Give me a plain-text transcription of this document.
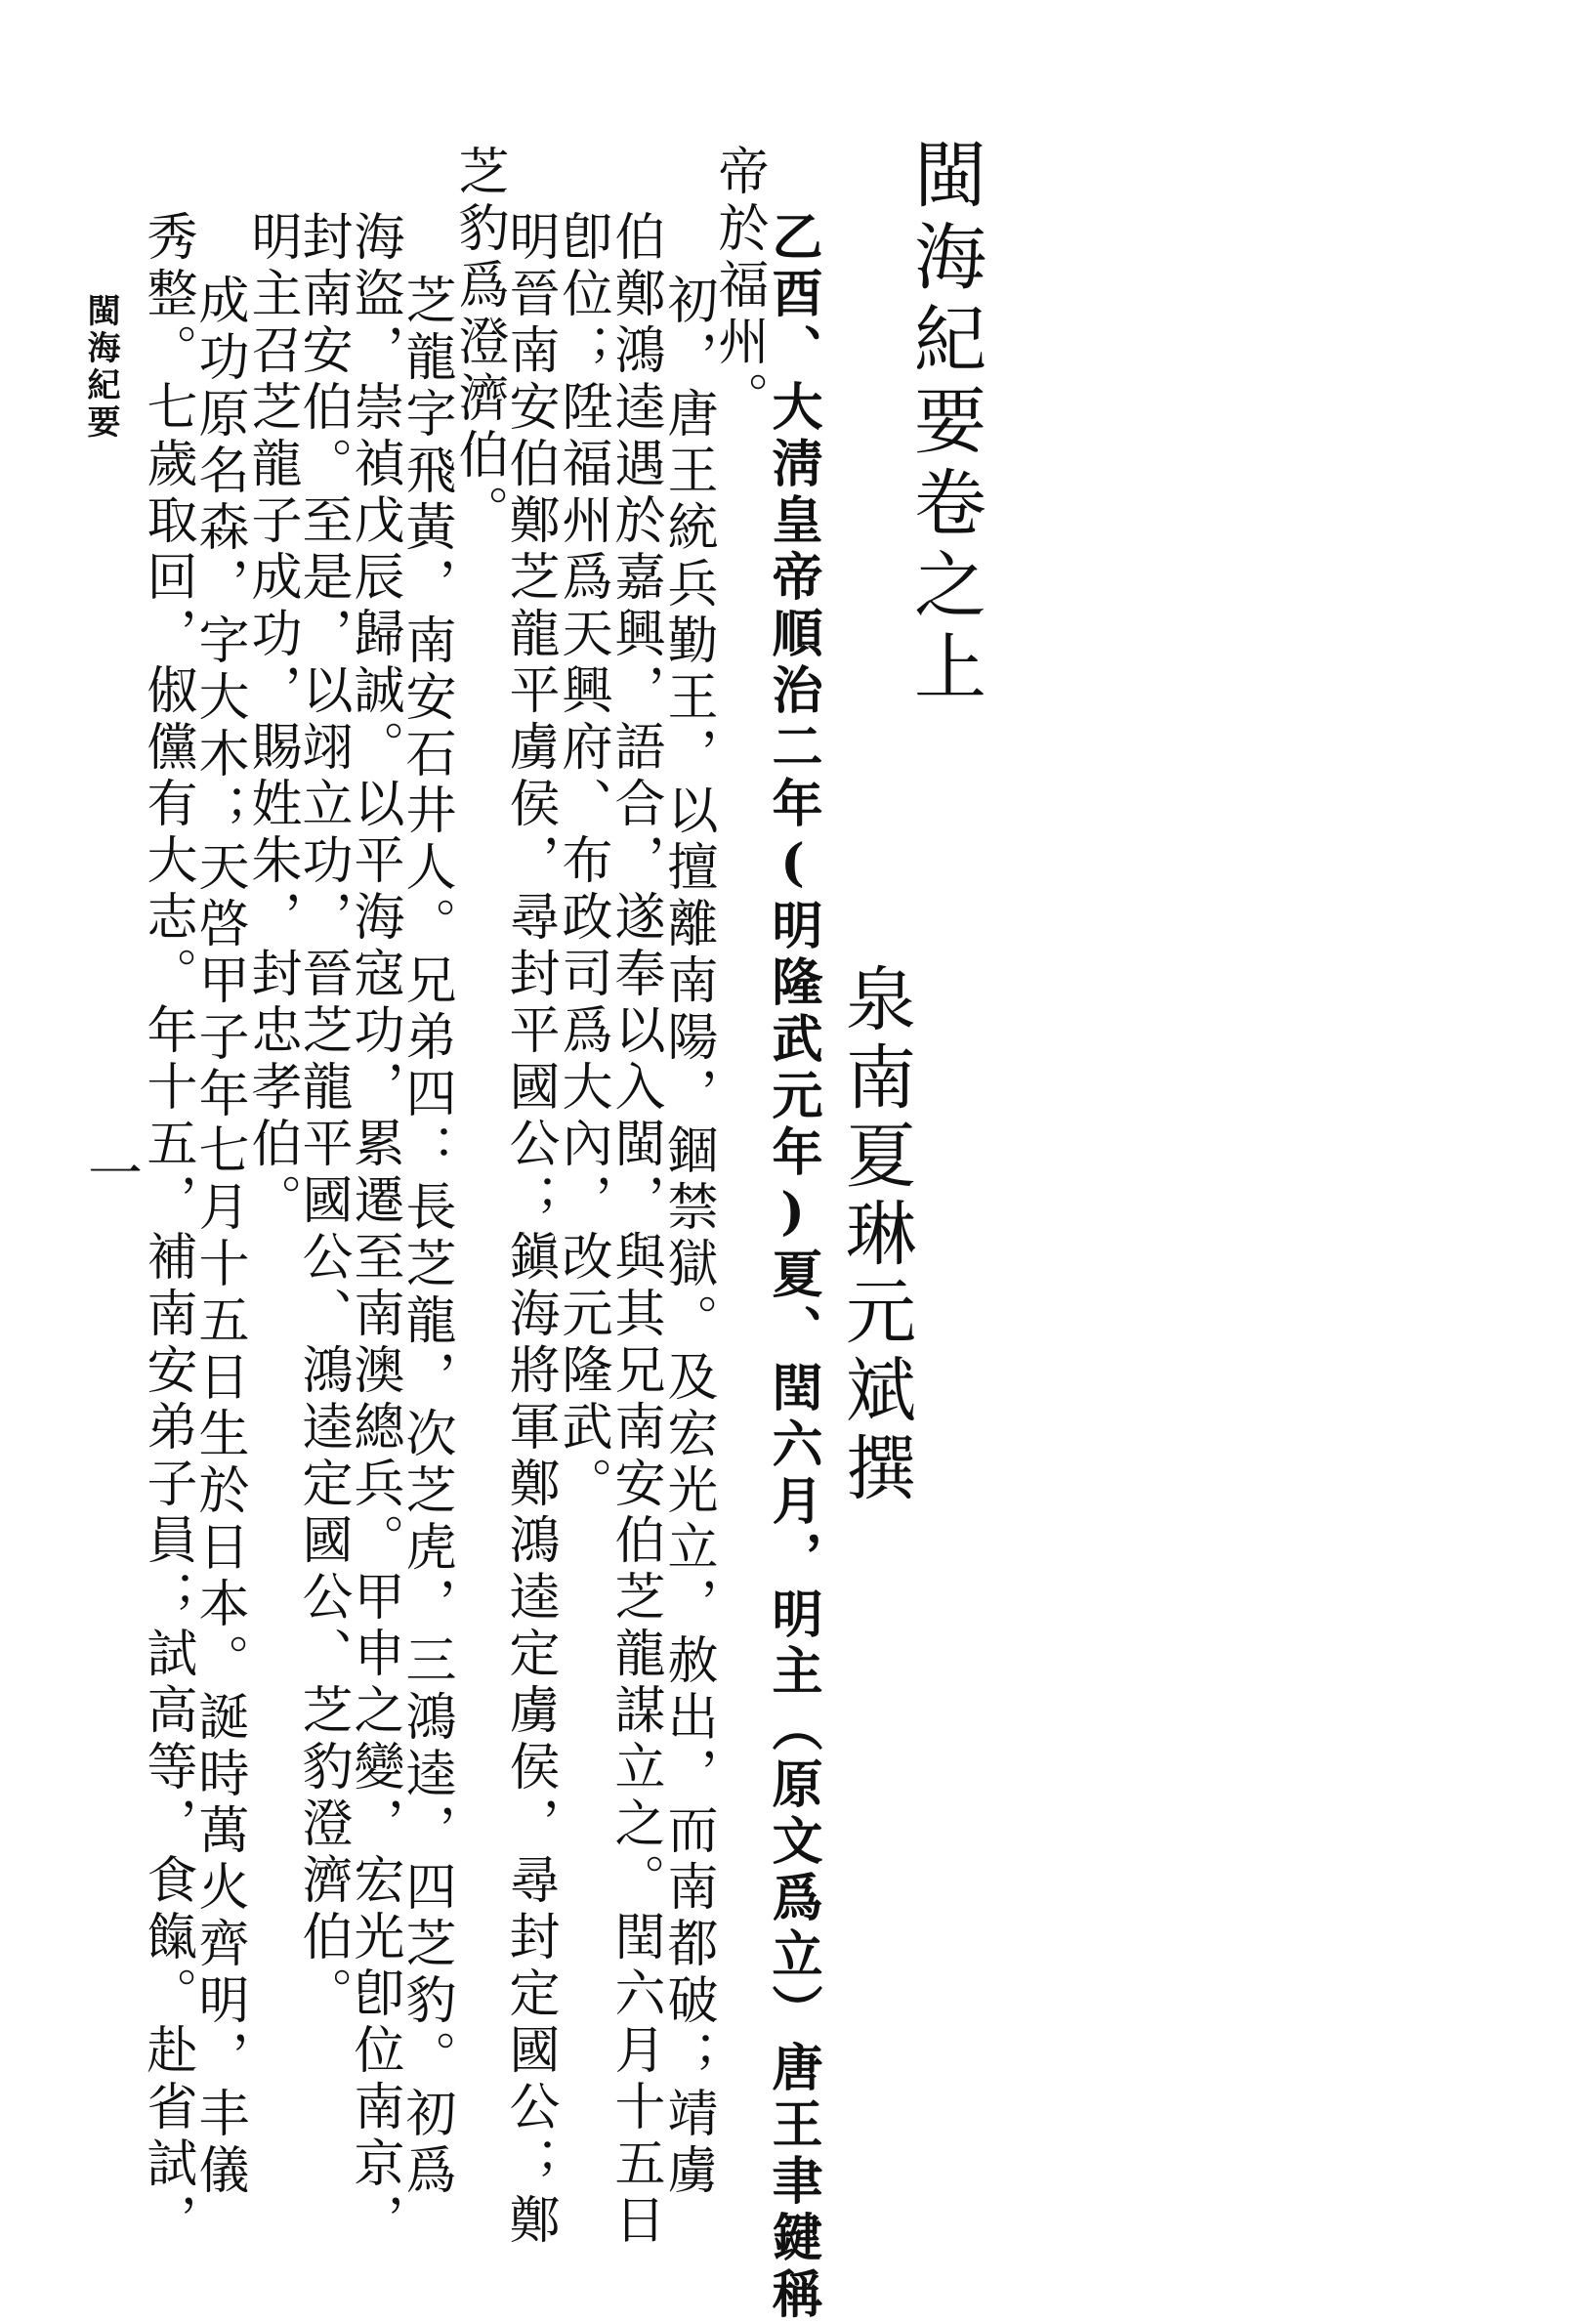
閩海紀要卷之上
泉南夏琳元斌撰
乙酉、大淸皇帝順治二年(明隆武元年)夏、閏六月，明主（原文爲立）唐王聿鍵稱
帝於福州。
初，唐王統兵勤王，以擅離南陽，錮禁獄。及宏光立，赦出，而南都破；靖虜
伯鄭鴻逵遇於嘉興，語合，遂奉以入閩，與其兄南安伯芝龍謀立之。閏六月十五日
卽位；陞福州爲天興府、布政司爲大內，改元隆武。
明晉南安伯鄭芝龍平虜侯，尋封平國公；鎭海將軍鄭鴻逵定虜侯，尋封定國公；鄭
芝豹爲澄濟伯。
芝龍字飛黃，南安石井人。兄弟四：長芝龍，次芝虎，三鴻逵，四芝豹。初爲
海盜，崇禎戊辰歸誠。以平海寇功，累遷至南澳總兵。甲申之變，宏光卽位南京，
封南安伯。至是，以翊立功，晉芝龍平國公、鴻逵定國公、芝豹澄濟伯。
明主召芝龍子成功，賜姓朱，封忠孝伯。
成功原名森，字大木；天啓甲子年七月十五日生於日本。誕時萬火齊明，丰儀
秀整。七歲取回，俶儻有大志。年十五，補南安弟子員；試高等，食餼。赴省試，
閩海紀要
一
